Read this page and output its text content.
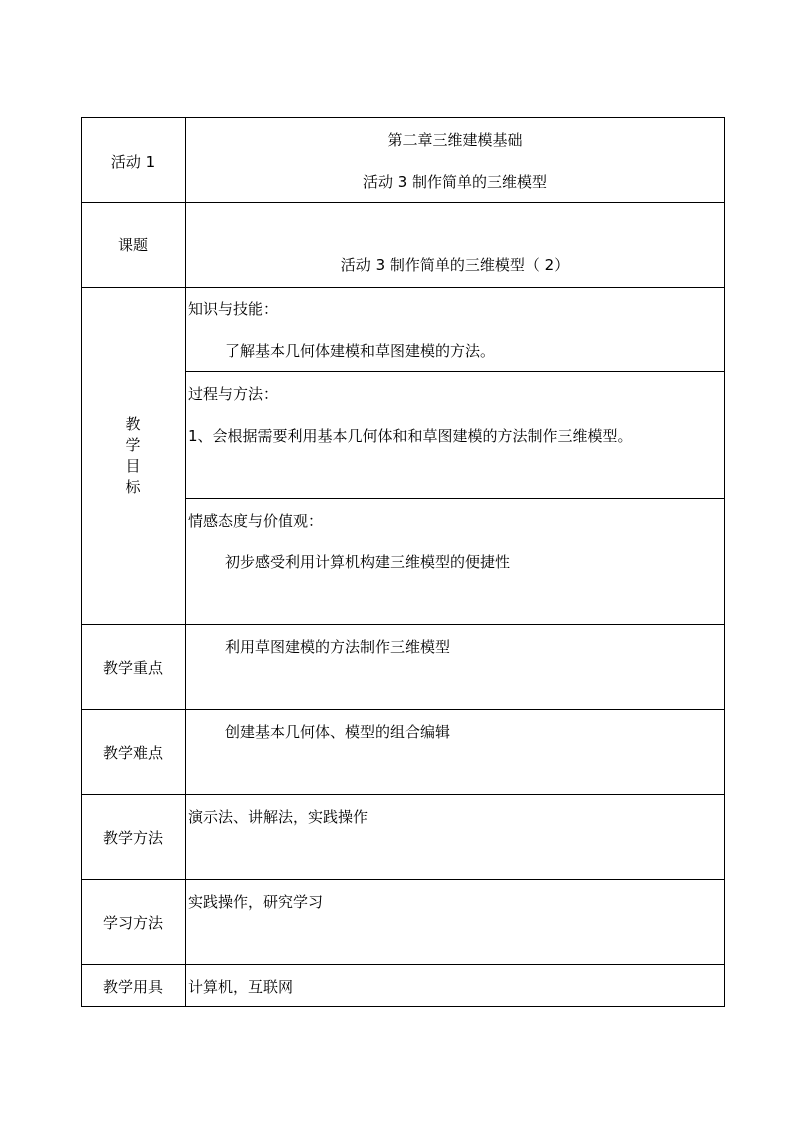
活动 1
第二章三维建模基础
活动 3 制作简单的三维模型
课题
活动 3 制作简单的三维模型（ 2）
教学目标
知识与技能：
了解基本几何体建模和草图建模的方法。
过程与方法：
1、会根据需要利用基本几何体和和草图建模的方法制作三维模型。
情感态度与价值观：
初步感受利用计算机构建三维模型的便捷性
教学重点
利用草图建模的方法制作三维模型
教学难点
创建基本几何体、模型的组合编辑
教学方法
演示法、讲解法，实践操作
学习方法
实践操作，研究学习
教学用具 计算机，互联网
